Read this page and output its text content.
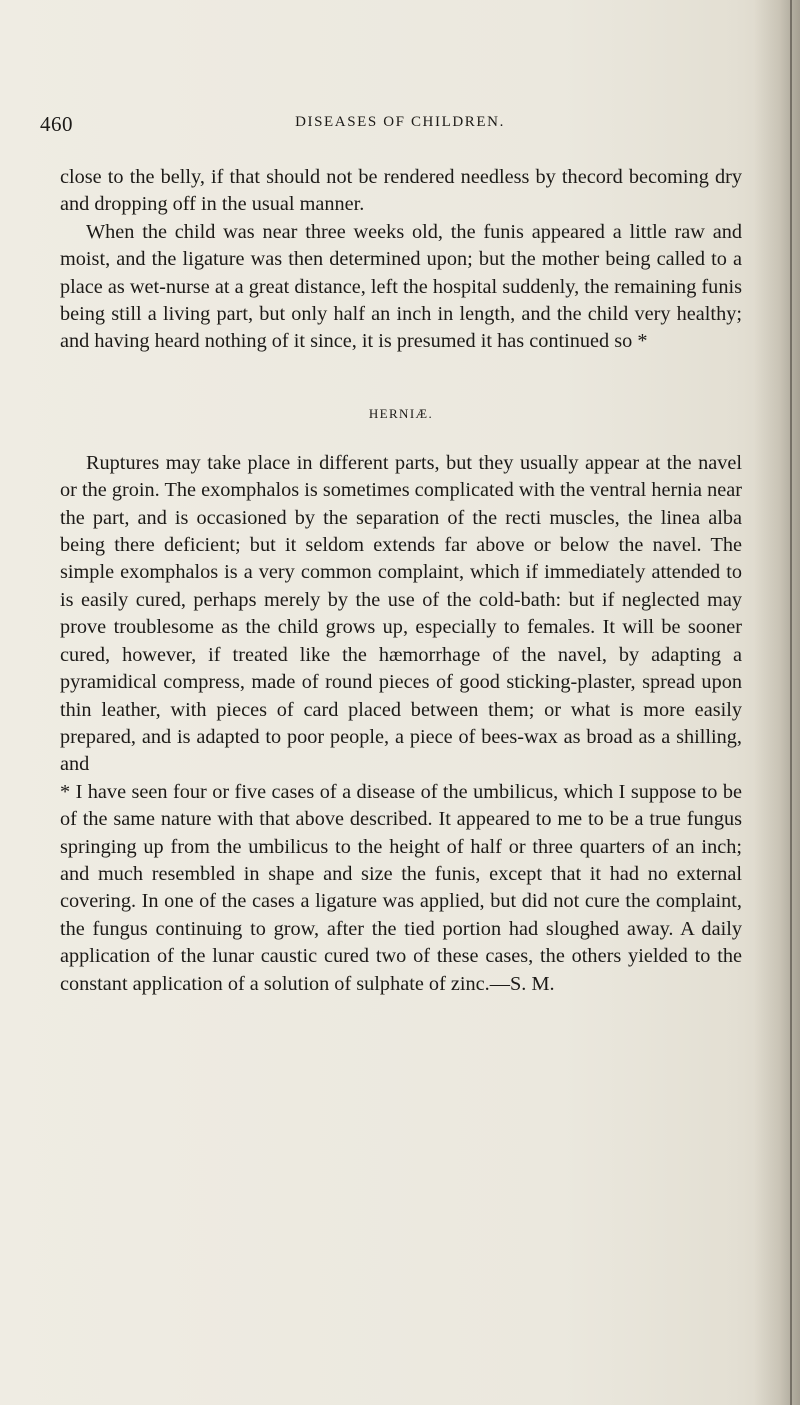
460	DISEASES OF CHILDREN.

close to the belly, if that should not be rendered needless by thecord becoming dry and dropping off in the usual manner.

When the child was near three weeks old, the funis appeared a little raw and moist, and the ligature was then determined upon; but the mother being called to a place as wet-nurse at a great distance, left the hospital suddenly, the remaining funis being still a living part, but only half an inch in length, and the child very healthy; and having heard nothing of it since, it is presumed it has continued so *

HERNIÆ.

Ruptures may take place in different parts, but they usually appear at the navel or the groin. The exomphalos is sometimes complicated with the ventral hernia near the part, and is occasioned by the separation of the recti muscles, the linea alba being there deficient; but it seldom extends far above or below the navel. The simple exomphalos is a very common complaint, which if immediately attended to is easily cured, perhaps merely by the use of the cold-bath: but if neglected may prove troublesome as the child grows up, especially to females. It will be sooner cured, however, if treated like the hæmorrhage of the navel, by adapting a pyramidical compress, made of round pieces of good sticking-plaster, spread upon thin leather, with pieces of card placed between them; or what is more easily prepared, and is adapted to poor people, a piece of bees-wax as broad as a shilling, and

* I have seen four or five cases of a disease of the umbilicus, which I suppose to be of the same nature with that above described. It appeared to me to be a true fungus springing up from the umbilicus to the height of half or three quarters of an inch; and much resembled in shape and size the funis, except that it had no external covering. In one of the cases a ligature was applied, but did not cure the complaint, the fungus continuing to grow, after the tied portion had sloughed away. A daily application of the lunar caustic cured two of these cases, the others yielded to the constant application of a solution of sulphate of zinc.—S. M.
